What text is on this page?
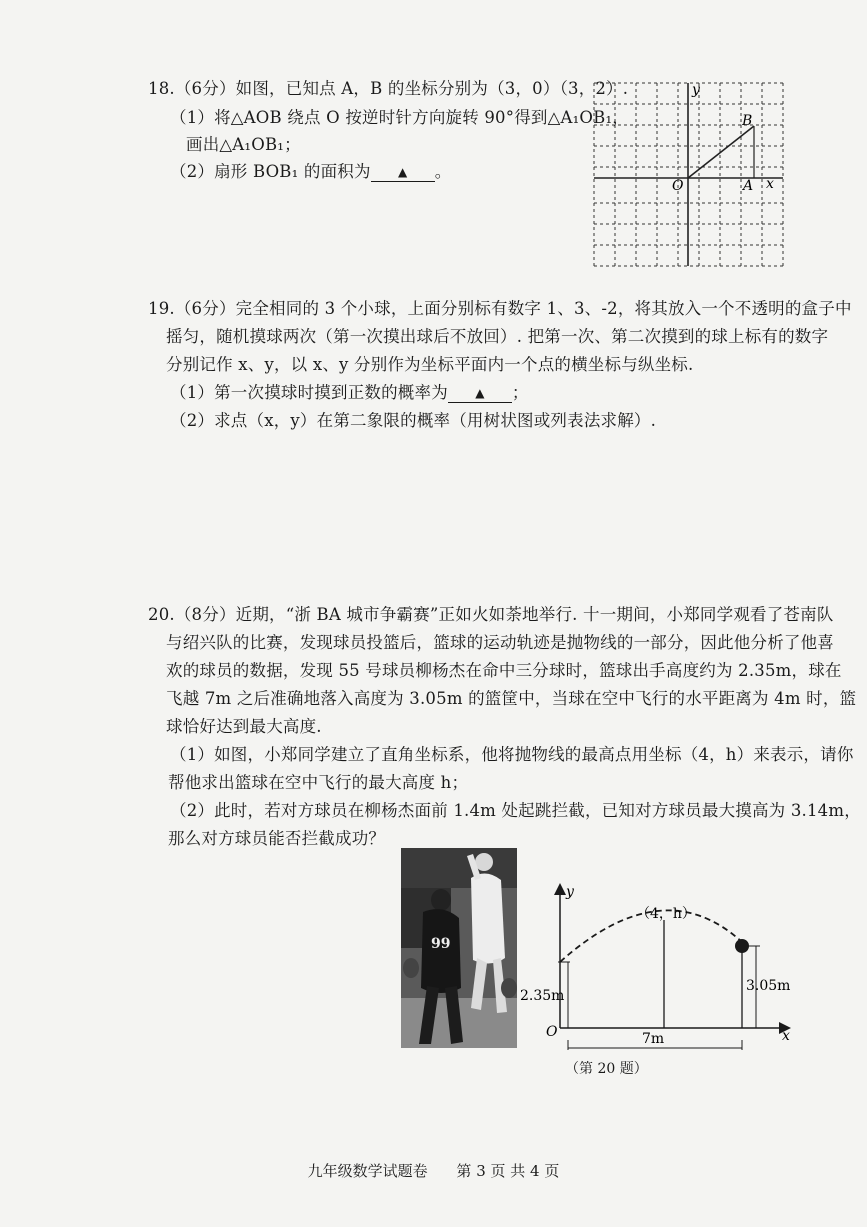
18.（6分）如图，已知点 A，B 的坐标分别为（3，0）（3，2）.
（1）将△AOB 绕点 O 按逆时针方向旋转 90°得到△A₁OB₁，
画出△A₁OB₁；
（2）扇形 BOB₁ 的面积为 ▲ 。
y
x
O	A
B
19.（6分）完全相同的 3 个小球，上面分别标有数字 1、3、-2，将其放入一个不透明的盒子中
摇匀，随机摸球两次（第一次摸出球后不放回）. 把第一次、第二次摸到的球上标有的数字
分别记作 x、y，以 x、y 分别作为坐标平面内一个点的横坐标与纵坐标.
（1）第一次摸球时摸到正数的概率为 ▲ ；
（2）求点（x，y）在第二象限的概率（用树状图或列表法求解）.
20.（8分）近期，“浙 BA 城市争霸赛”正如火如荼地举行. 十一期间，小郑同学观看了苍南队
与绍兴队的比赛，发现球员投篮后，篮球的运动轨迹是抛物线的一部分，因此他分析了他喜
欢的球员的数据，发现 55 号球员柳杨杰在命中三分球时，篮球出手高度约为 2.35m，球在
飞越 7m 之后准确地落入高度为 3.05m 的篮筐中，当球在空中飞行的水平距离为 4m 时，篮
球恰好达到最大高度.
（1）如图，小郑同学建立了直角坐标系，他将抛物线的最高点用坐标（4，h）来表示，请你
帮他求出篮球在空中飞行的最大高度 h；
（2）此时，若对方球员在柳杨杰面前 1.4m 处起跳拦截，已知对方球员最大摸高为 3.14m，
那么对方球员能否拦截成功？
99
y
x
O
（4，h）
2.35m
3.05m
7m
（第 20 题）
九年级数学试题卷 第 3 页 共 4 页
